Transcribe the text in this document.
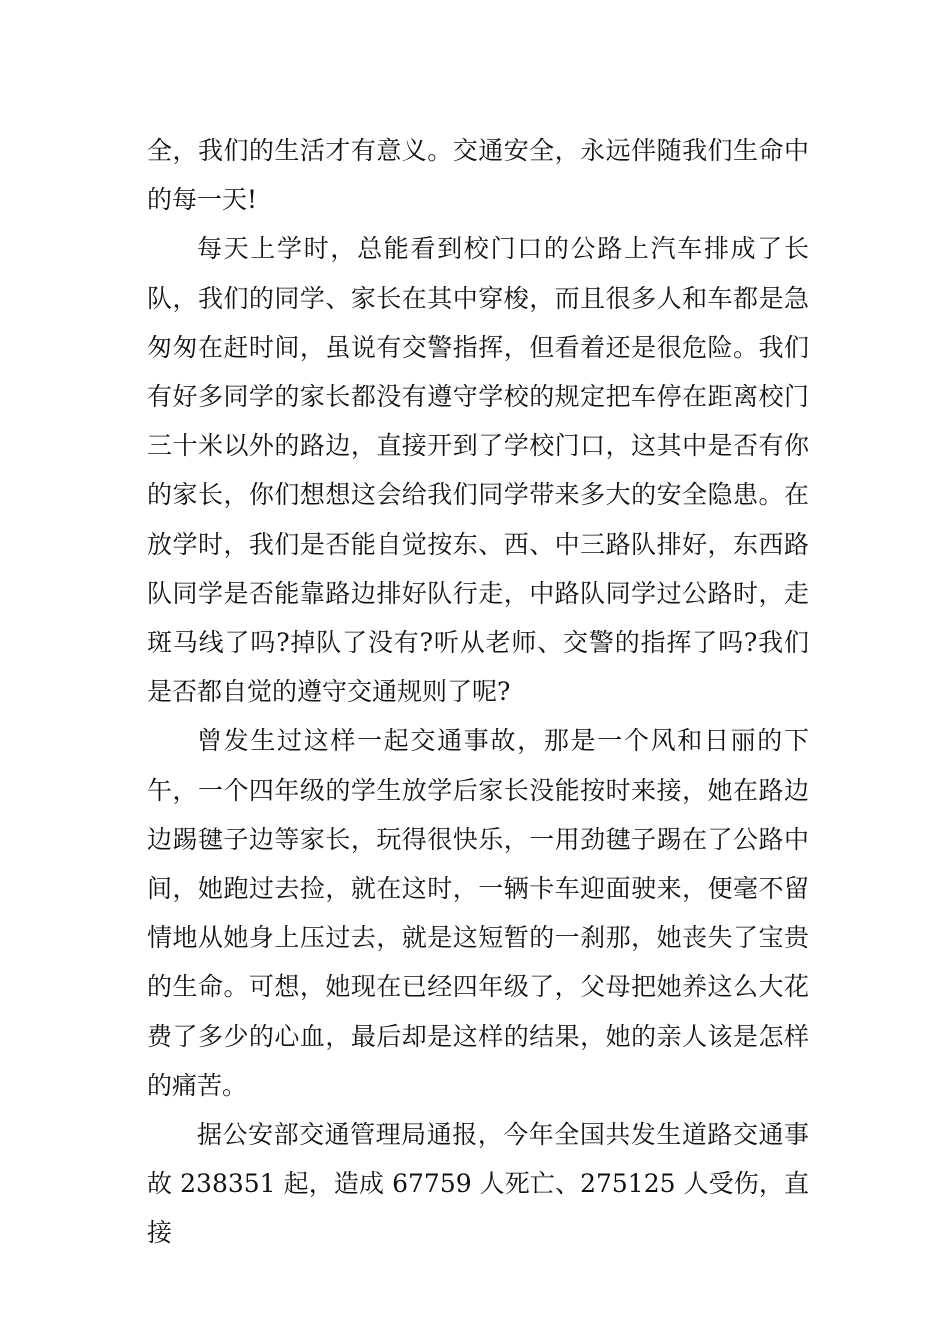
全，我们的生活才有意义。交通安全，永远伴随我们生命中的每一天!

每天上学时，总能看到校门口的公路上汽车排成了长队，我们的同学、家长在其中穿梭，而且很多人和车都是急匆匆在赶时间，虽说有交警指挥，但看着还是很危险。我们有好多同学的家长都没有遵守学校的规定把车停在距离校门三十米以外的路边，直接开到了学校门口，这其中是否有你的家长，你们想想这会给我们同学带来多大的安全隐患。在放学时，我们是否能自觉按东、西、中三路队排好，东西路队同学是否能靠路边排好队行走，中路队同学过公路时，走斑马线了吗?掉队了没有?听从老师、交警的指挥了吗?我们是否都自觉的遵守交通规则了呢?

曾发生过这样一起交通事故，那是一个风和日丽的下午，一个四年级的学生放学后家长没能按时来接，她在路边边踢毽子边等家长，玩得很快乐，一用劲毽子踢在了公路中间，她跑过去捡，就在这时，一辆卡车迎面驶来，便毫不留情地从她身上压过去，就是这短暂的一刹那，她丧失了宝贵的生命。可想，她现在已经四年级了，父母把她养这么大花费了多少的心血，最后却是这样的结果，她的亲人该是怎样的痛苦。

据公安部交通管理局通报，今年全国共发生道路交通事故 238351 起，造成 67759 人死亡、275125 人受伤，直接
